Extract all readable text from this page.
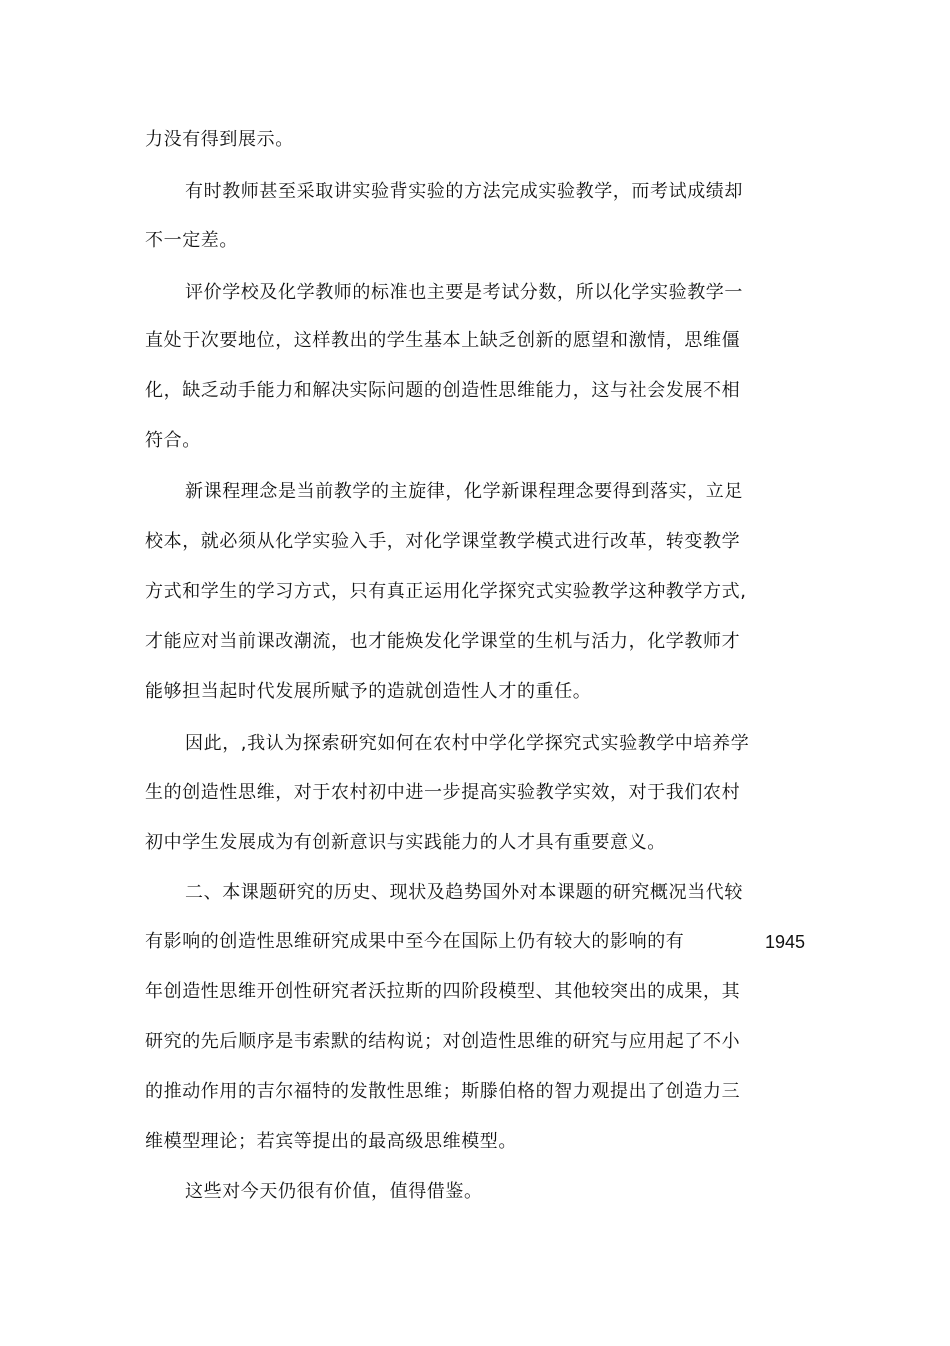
力没有得到展示。
有时教师甚至采取讲实验背实验的方法完成实验教学，而考试成绩却
不一定差。
评价学校及化学教师的标准也主要是考试分数，所以化学实验教学一
直处于次要地位，这样教出的学生基本上缺乏创新的愿望和激情，思维僵
化，缺乏动手能力和解决实际问题的创造性思维能力，这与社会发展不相
符合。
新课程理念是当前教学的主旋律，化学新课程理念要得到落实，立足
校本，就必须从化学实验入手，对化学课堂教学模式进行改革，转变教学
方式和学生的学习方式，只有真正运用化学探究式实验教学这种教学方式,
才能应对当前课改潮流，也才能焕发化学课堂的生机与活力，化学教师才
能够担当起时代发展所赋予的造就创造性人才的重任。
因此，,我认为探索研究如何在农村中学化学探究式实验教学中培养学
生的创造性思维，对于农村初中进一步提高实验教学实效，对于我们农村
初中学生发展成为有创新意识与实践能力的人才具有重要意义。
二、本课题研究的历史、现状及趋势国外对本课题的研究概况当代较
有影响的创造性思维研究成果中至今在国际上仍有较大的影响的有	1945
年创造性思维开创性研究者沃拉斯的四阶段模型、其他较突出的成果，其
研究的先后顺序是韦索默的结构说；对创造性思维的研究与应用起了不小
的推动作用的吉尔福特的发散性思维；斯滕伯格的智力观提出了创造力三
维模型理论；若宾等提出的最高级思维模型。
这些对今天仍很有价值，值得借鉴。
